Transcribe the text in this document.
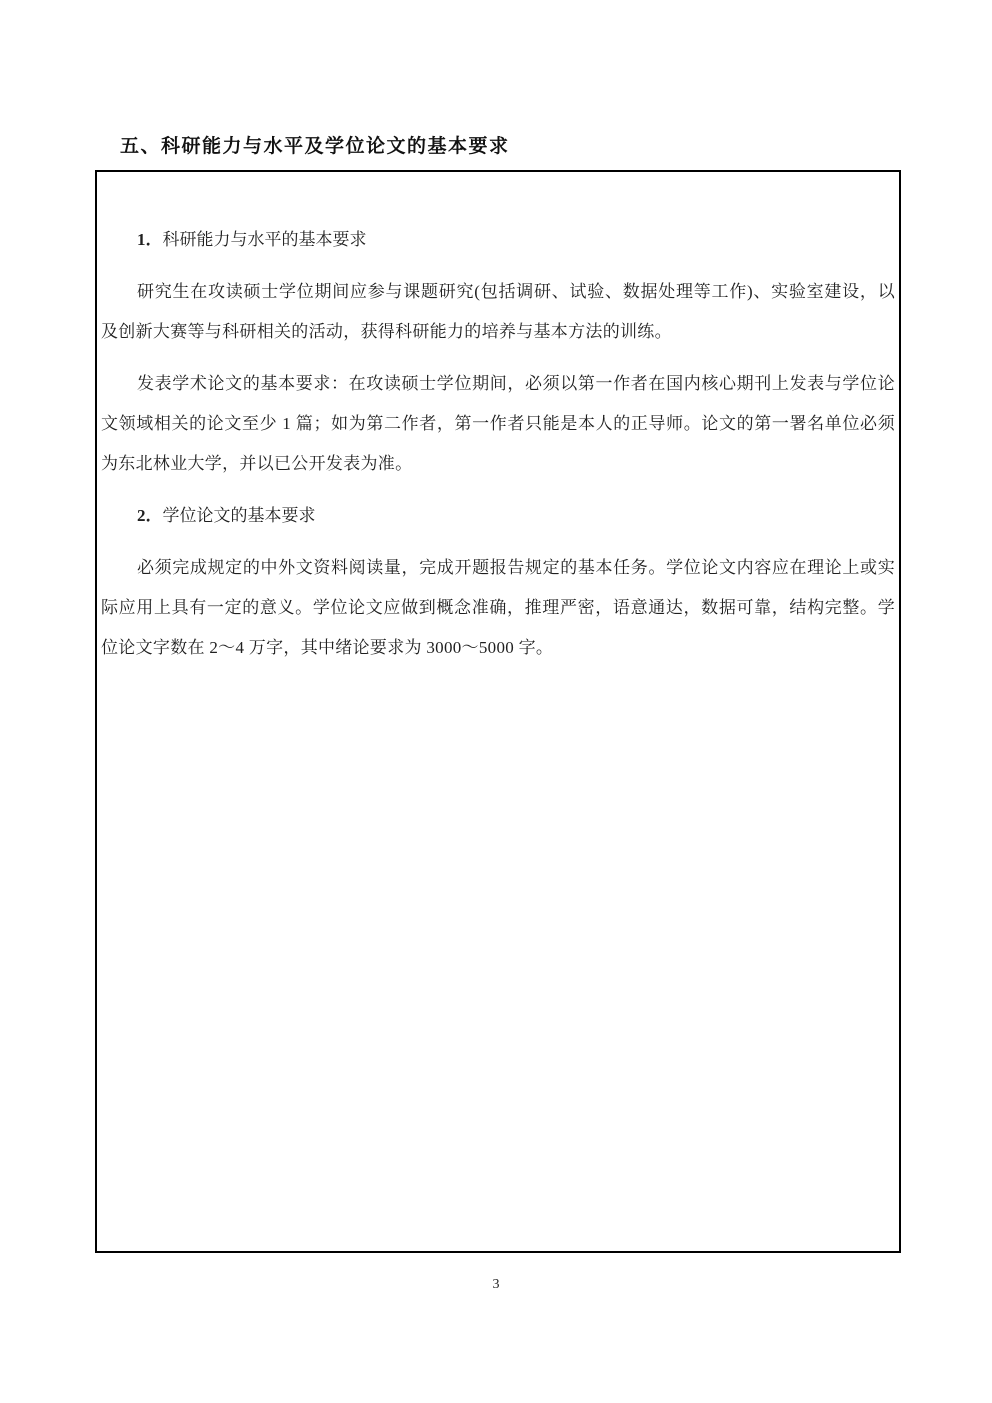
五、科研能力与水平及学位论文的基本要求

1．科研能力与水平的基本要求

研究生在攻读硕士学位期间应参与课题研究(包括调研、试验、数据处理等工作)、实验室建设，以
及创新大赛等与科研相关的活动，获得科研能力的培养与基本方法的训练。
发表学术论文的基本要求：在攻读硕士学位期间，必须以第一作者在国内核心期刊上发表与学位论
文领域相关的论文至少 1 篇；如为第二作者，第一作者只能是本人的正导师。论文的第一署名单位必须
为东北林业大学，并以已公开发表为准。

2．学位论文的基本要求

必须完成规定的中外文资料阅读量，完成开题报告规定的基本任务。学位论文内容应在理论上或实
际应用上具有一定的意义。学位论文应做到概念准确，推理严密，语意通达，数据可靠，结构完整。学
位论文字数在 2～4 万字，其中绪论要求为 3000～5000 字。
3
